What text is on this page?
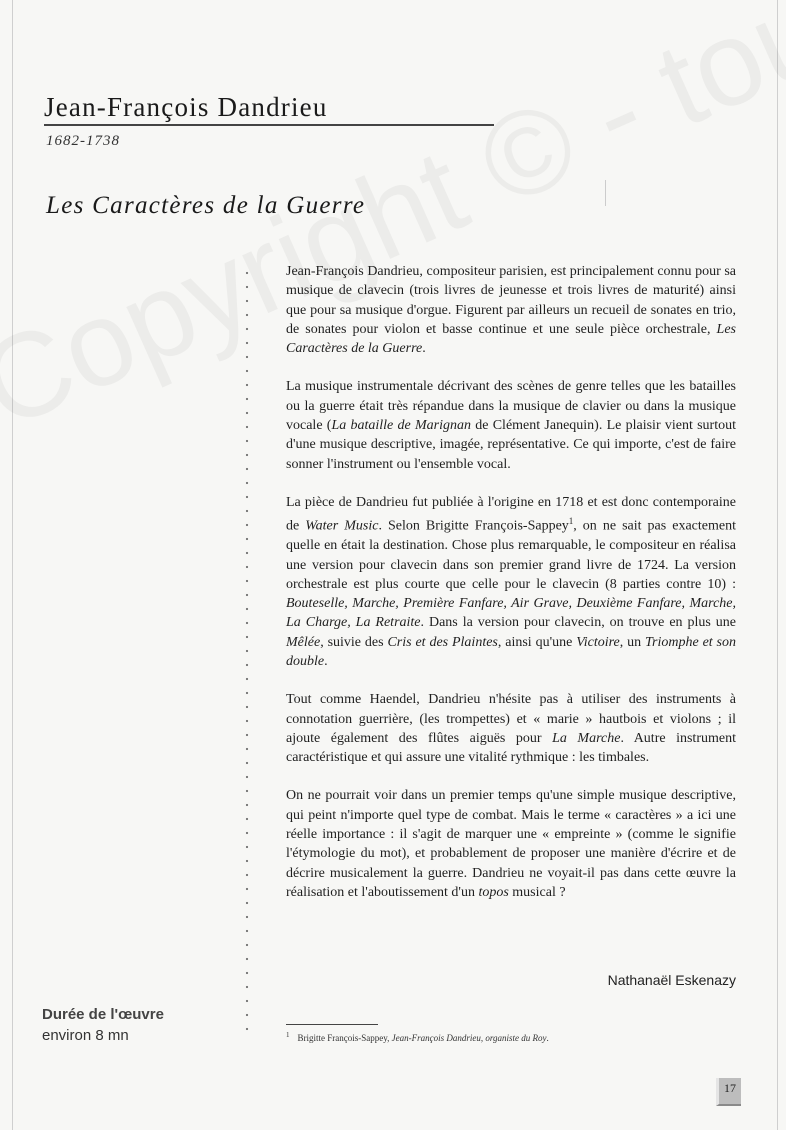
Jean-François Dandrieu
1682-1738
Les Caractères de la Guerre

Jean-François Dandrieu, compositeur parisien, est principalement connu pour sa musique de clavecin (trois livres de jeunesse et trois livres de maturité) ainsi que pour sa musique d'orgue. Figurent par ailleurs un recueil de sonates en trio, de sonates pour violon et basse continue et une seule pièce orchestrale, Les Caractères de la Guerre.

La musique instrumentale décrivant des scènes de genre telles que les batailles ou la guerre était très répandue dans la musique de clavier ou dans la musique vocale (La bataille de Marignan de Clément Janequin). Le plaisir vient surtout d'une musique descriptive, imagée, représentative. Ce qui importe, c'est de faire sonner l'instrument ou l'ensemble vocal.

La pièce de Dandrieu fut publiée à l'origine en 1718 et est donc contemporaine de Water Music. Selon Brigitte François-Sappey$^1$, on ne sait pas exactement quelle en était la destination. Chose plus remarquable, le compositeur en réalisa une version pour clavecin dans son premier grand livre de 1724. La version orchestrale est plus courte que celle pour le clavecin (8 parties contre 10) : Bouteselle, Marche, Première Fanfare, Air Grave, Deuxième Fanfare, Marche, La Charge, La Retraite. Dans la version pour clavecin, on trouve en plus une Mêlée, suivie des Cris et des Plaintes, ainsi qu'une Victoire, un Triomphe et son double.

Tout comme Haendel, Dandrieu n'hésite pas à utiliser des instruments à connotation guerrière, (les trompettes) et « marie » hautbois et violons ; il ajoute également des flûtes aiguës pour La Marche. Autre instrument caractéristique et qui assure une vitalité rythmique : les timbales.

On ne pourrait voir dans un premier temps qu'une simple musique descriptive, qui peint n'importe quel type de combat. Mais le terme « caractères » a ici une réelle importance : il s'agit de marquer une « empreinte » (comme le signifie l'étymologie du mot), et probablement de proposer une manière d'écrire et de décrire musicalement la guerre. Dandrieu ne voyait-il pas dans cette œuvre la réalisation et l'aboutissement d'un topos musical ?

Nathanaël Eskenazy
Durée de l'œuvre
environ 8 mn	$^1$ Brigitte François-Sappey, Jean-François Dandrieu, organiste du Roy.
17
